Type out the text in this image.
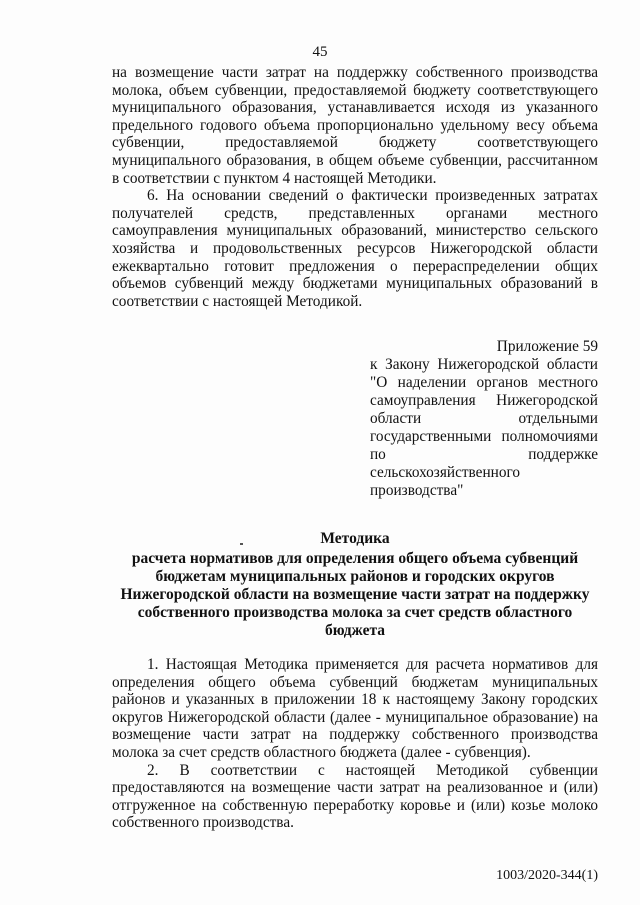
45

на возмещение части затрат на поддержку собственного производства молока, объем субвенции, предоставляемой бюджету соответствующего муниципального образования, устанавливается исходя из указанного предельного годового объема пропорционально удельному весу объема субвенции, предоставляемой бюджету соответствующего муниципального образования, в общем объеме субвенции, рассчитанном в соответствии с пунктом 4 настоящей Методики.

6. На основании сведений о фактически произведенных затратах получателей средств, представленных органами местного самоуправления муниципальных образований, министерство сельского хозяйства и продовольственных ресурсов Нижегородской области ежеквартально готовит предложения о перераспределении общих объемов субвенций между бюджетами муниципальных образований в соответствии с настоящей Методикой.

Приложение 59
к Закону Нижегородской области "О наделении органов местного самоуправления Нижегородской области отдельными государственными полномочиями по поддержке сельскохозяйственного производства"
Методика
расчета нормативов для определения общего объема субвенций бюджетам муниципальных районов и городских округов Нижегородской области на возмещение части затрат на поддержку собственного производства молока за счет средств областного бюджета

1. Настоящая Методика применяется для расчета нормативов для определения общего объема субвенций бюджетам муниципальных районов и указанных в приложении 18 к настоящему Закону городских округов Нижегородской области (далее - муниципальное образование) на возмещение части затрат на поддержку собственного производства молока за счет средств областного бюджета (далее - субвенция).

2. В соответствии с настоящей Методикой субвенции предоставляются на возмещение части затрат на реализованное и (или) отгруженное на собственную переработку коровье и (или) козье молоко собственного производства.

1003/2020-344(1)
